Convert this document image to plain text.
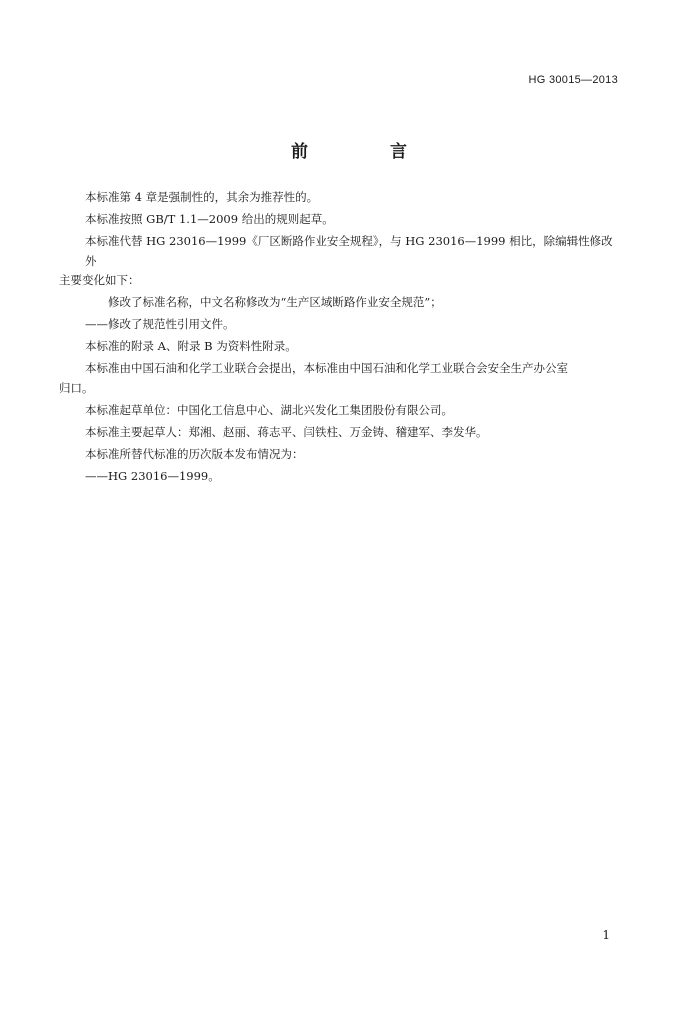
HG 30015—2013
前 言

本标准第 4 章是强制性的，其余为推荐性的。

本标准按照 GB/T 1.1—2009 给出的规则起草。

本标准代替 HG 23016—1999《厂区断路作业安全规程》，与 HG 23016—1999 相比，除编辑性修改外
主要变化如下：

修改了标准名称，中文名称修改为“生产区域断路作业安全规范”；

——修改了规范性引用文件。

本标准的附录 A、附录 B 为资料性附录。

本标准由中国石油和化学工业联合会提出，本标准由中国石油和化学工业联合会安全生产办公室
归口。

本标准起草单位：中国化工信息中心、湖北兴发化工集团股份有限公司。

本标准主要起草人：郑湘、赵丽、蒋志平、闫铁柱、万金铸、稽建军、李发华。

本标准所替代标准的历次版本发布情况为：

——HG 23016—1999。

1
